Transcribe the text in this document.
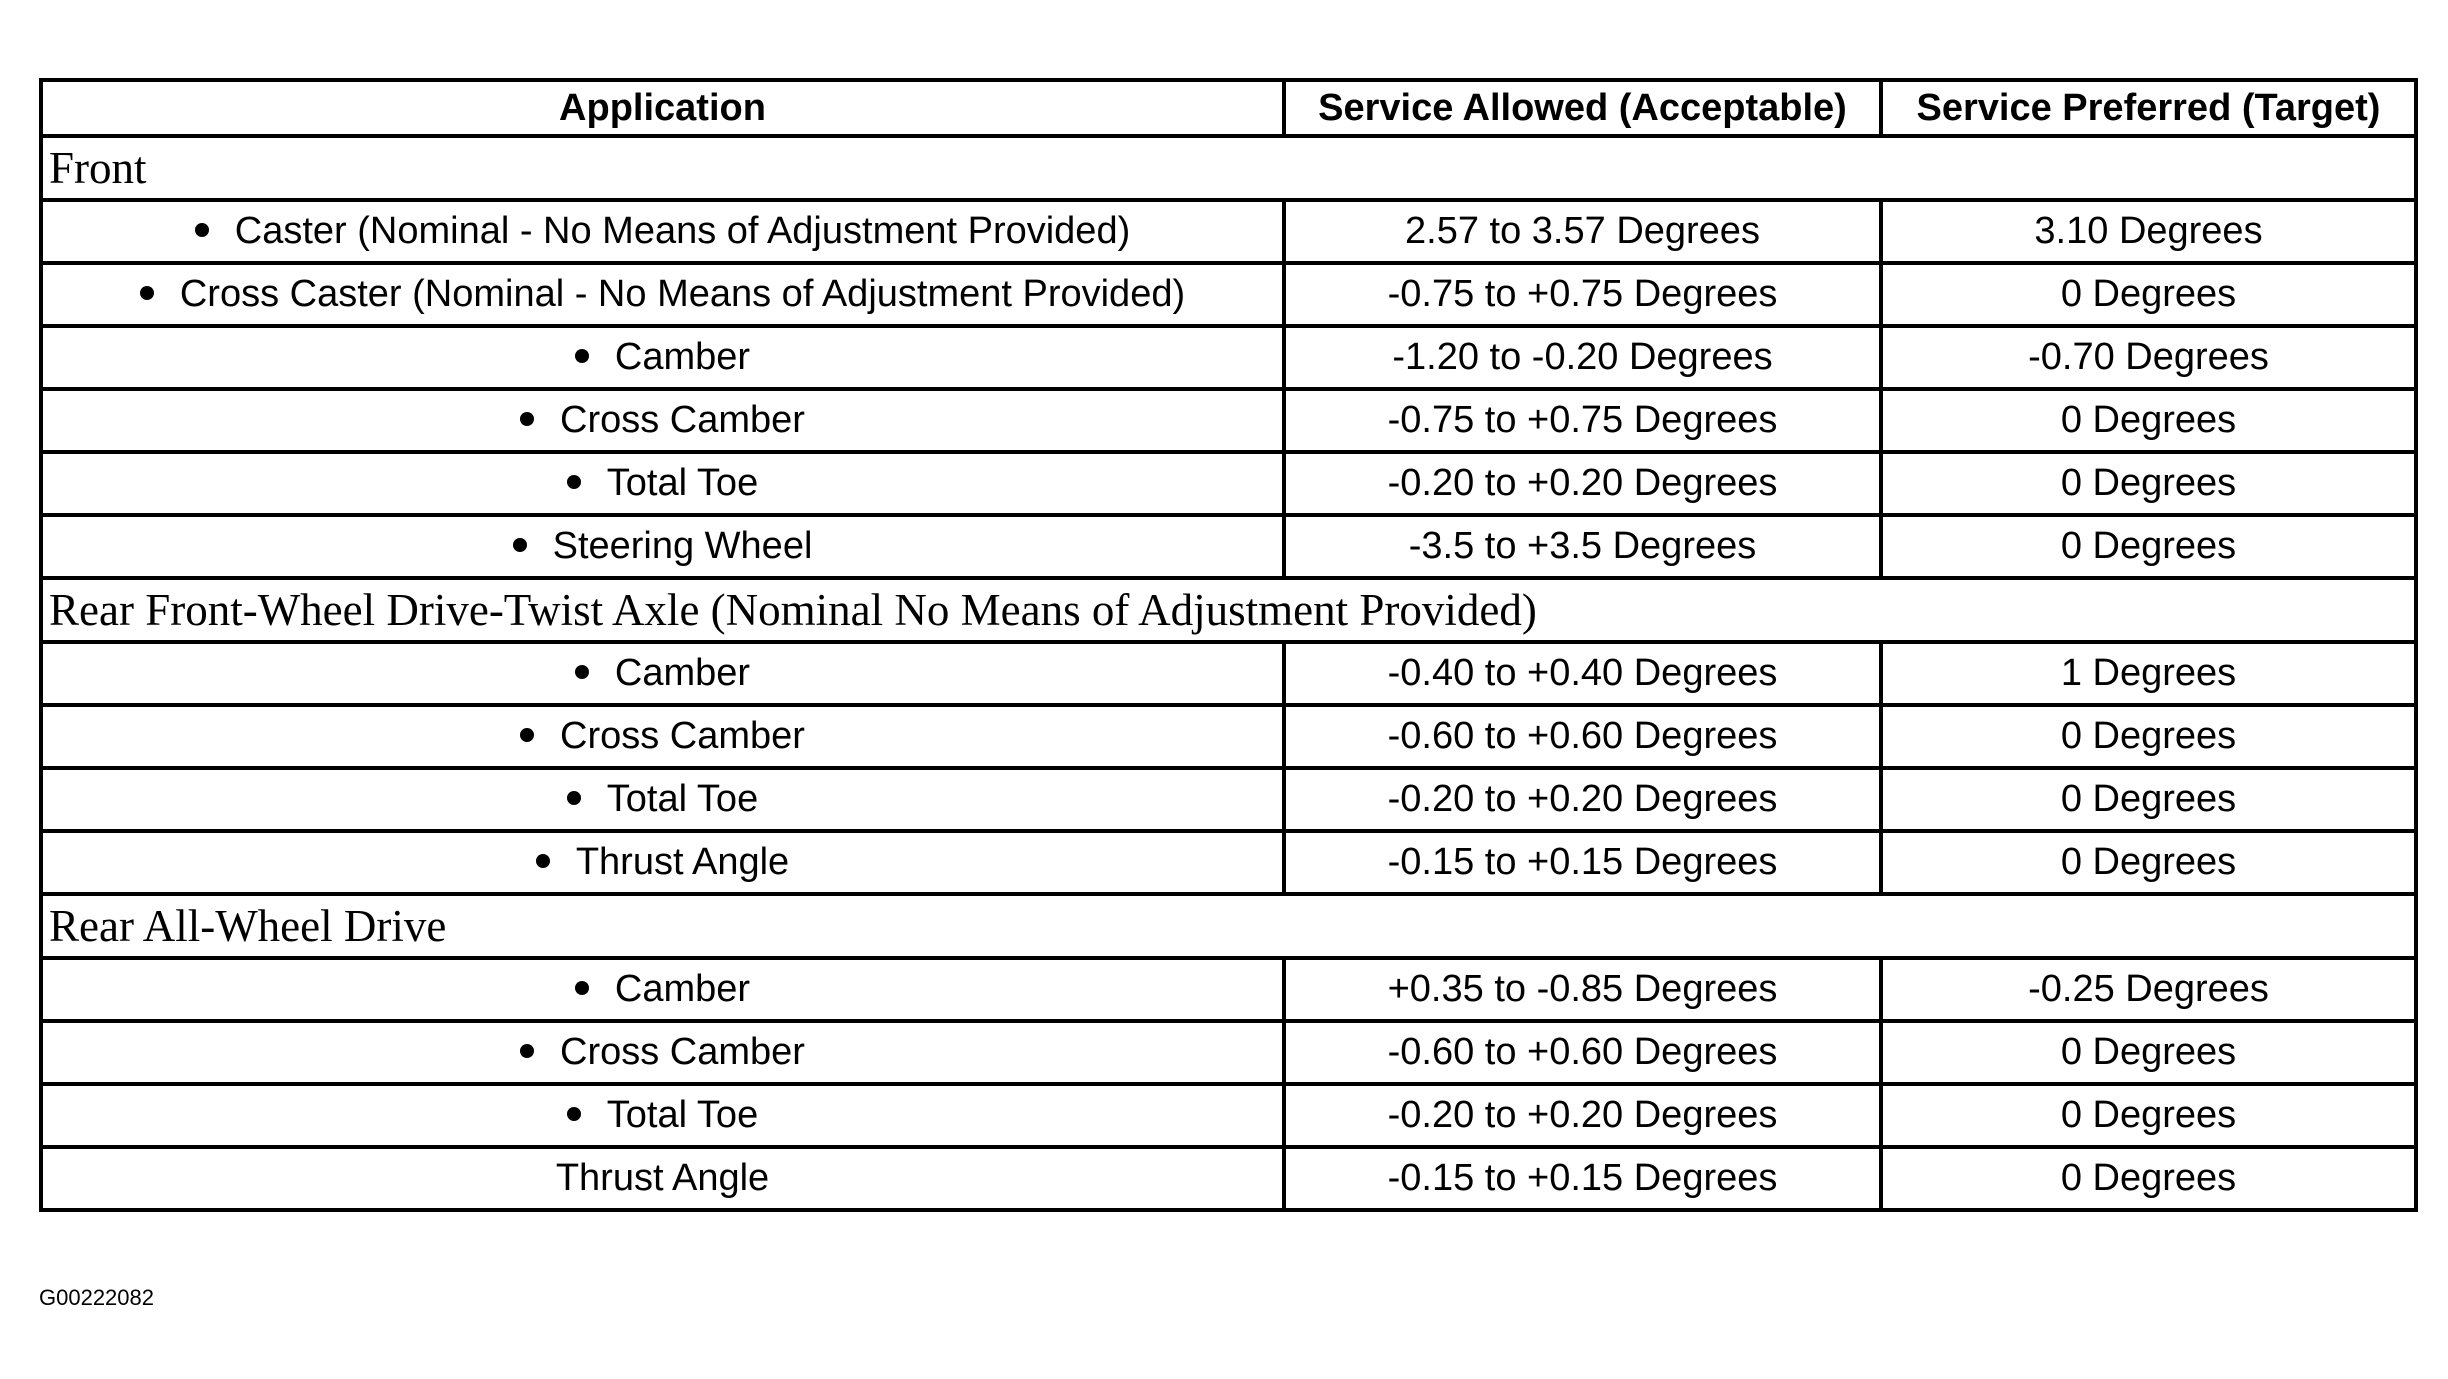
Application	Service Allowed (Acceptable)	Service Preferred (Target)
Front		
Caster (Nominal - No Means of Adjustment Provided)	2.57 to 3.57 Degrees	3.10 Degrees
Cross Caster (Nominal - No Means of Adjustment Provided)	-0.75 to +0.75 Degrees	0 Degrees
Camber	-1.20 to -0.20 Degrees	-0.70 Degrees
Cross Camber	-0.75 to +0.75 Degrees	0 Degrees
Total Toe	-0.20 to +0.20 Degrees	0 Degrees
Steering Wheel	-3.5 to +3.5 Degrees	0 Degrees
Rear Front-Wheel Drive-Twist Axle (Nominal No Means of Adjustment Provided)		
Camber	-0.40 to +0.40 Degrees	1 Degrees
Cross Camber	-0.60 to +0.60 Degrees	0 Degrees
Total Toe	-0.20 to +0.20 Degrees	0 Degrees
Thrust Angle	-0.15 to +0.15 Degrees	0 Degrees
Rear All-Wheel Drive		
Camber	+0.35 to -0.85 Degrees	-0.25 Degrees
Cross Camber	-0.60 to +0.60 Degrees	0 Degrees
Total Toe	-0.20 to +0.20 Degrees	0 Degrees
Thrust Angle	-0.15 to +0.15 Degrees	0 Degrees
G00222082
